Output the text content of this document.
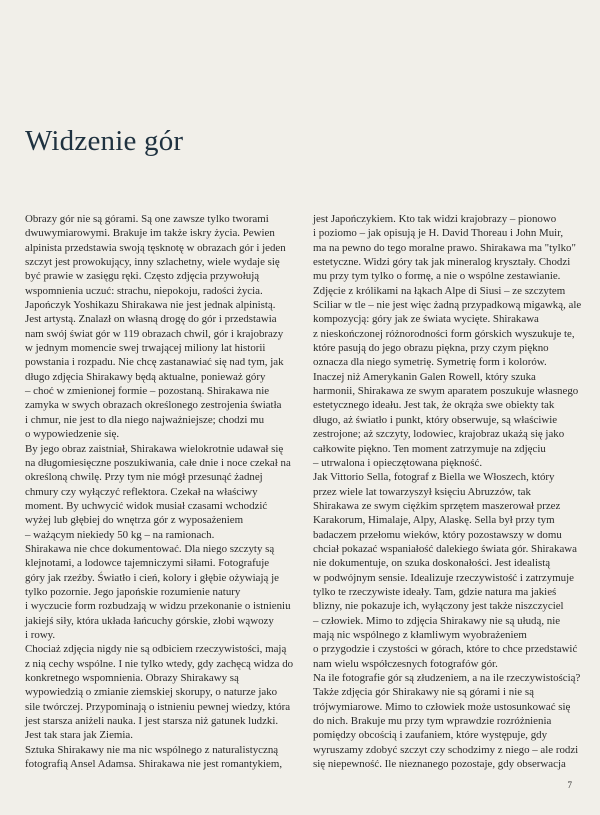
Widzenie gór
Obrazy gór nie są górami. Są one zawsze tylko tworami
dwuwymiarowymi. Brakuje im także iskry życia. Pewien
alpinista przedstawia swoją tęsknotę w obrazach gór i jeden
szczyt jest prowokujący, inny szlachetny, wiele wydaje się
być prawie w zasięgu ręki. Często zdjęcia przywołują
wspomnienia uczuć: strachu, niepokoju, radości życia.
Japończyk Yoshikazu Shirakawa nie jest jednak alpinistą.
Jest artystą. Znalazł on własną drogę do gór i przedstawia
nam swój świat gór w 119 obrazach chwil, gór i krajobrazy
w jednym momencie swej trwającej miliony lat historii
powstania i rozpadu. Nie chcę zastanawiać się nad tym, jak
długo zdjęcia Shirakawy będą aktualne, ponieważ góry
– choć w zmienionej formie – pozostaną. Shirakawa nie
zamyka w swych obrazach określonego zestrojenia światła
i chmur, nie jest to dla niego najważniejsze; chodzi mu
o wypowiedzenie się.
By jego obraz zaistniał, Shirakawa wielokrotnie udawał się
na długomiesięczne poszukiwania, całe dnie i noce czekał na
określoną chwilę. Przy tym nie mógł przesunąć żadnej
chmury czy wyłączyć reflektora. Czekał na właściwy
moment. By uchwycić widok musiał czasami wchodzić
wyżej lub głębiej do wnętrza gór z wyposażeniem
– ważącym niekiedy 50 kg – na ramionach.
Shirakawa nie chce dokumentować. Dla niego szczyty są
klejnotami, a lodowce tajemniczymi siłami. Fotografuje
góry jak rzeźby. Światło i cień, kolory i głębie ożywiają je
tylko pozornie. Jego japońskie rozumienie natury
i wyczucie form rozbudzają w widzu przekonanie o istnieniu
jakiejś siły, która układa łańcuchy górskie, złobi wąwozy
i rowy.
Chociaż zdjęcia nigdy nie są odbiciem rzeczywistości, mają
z nią cechy wspólne. I nie tylko wtedy, gdy zachęcą widza do
konkretnego wspomnienia. Obrazy Shirakawy są
wypowiedzią o zmianie ziemskiej skorupy, o naturze jako
sile twórczej. Przypominają o istnieniu pewnej wiedzy, która
jest starsza aniżeli nauka. I jest starsza niż gatunek ludzki.
Jest tak stara jak Ziemia.
Sztuka Shirakawy nie ma nic wspólnego z naturalistyczną
fotografią Ansel Adamsa. Shirakawa nie jest romantykiem,
jest Japończykiem. Kto tak widzi krajobrazy – pionowo
i poziomo – jak opisują je H. David Thoreau i John Muir,
ma na pewno do tego moralne prawo. Shirakawa ma "tylko"
estetyczne. Widzi góry tak jak mineralog kryształy. Chodzi
mu przy tym tylko o formę, a nie o wspólne zestawianie.
Zdjęcie z królikami na łąkach Alpe di Siusi – ze szczytem
Sciliar w tle – nie jest więc żadną przypadkową migawką, ale
kompozycją: góry jak ze świata wycięte. Shirakawa
z nieskończonej różnorodności form górskich wyszukuje te,
które pasują do jego obrazu piękna, przy czym piękno
oznacza dla niego symetrię. Symetrię form i kolorów.
Inaczej niż Amerykanin Galen Rowell, który szuka
harmonii, Shirakawa ze swym aparatem poszukuje własnego
estetycznego ideału. Jest tak, że okrąża swe obiekty tak
długo, aż światło i punkt, który obserwuje, są właściwie
zestrojone; aż szczyty, lodowiec, krajobraz ukażą się jako
całkowite piękno. Ten moment zatrzymuje na zdjęciu
– utrwalona i opieczętowana piękność.
Jak Vittorio Sella, fotograf z Biella we Włoszech, który
przez wiele lat towarzyszył księciu Abruzzów, tak
Shirakawa ze swym ciężkim sprzętem maszerował przez
Karakorum, Himalaje, Alpy, Alaskę. Sella był przy tym
badaczem przełomu wieków, który pozostawszy w domu
chciał pokazać wspaniałość dalekiego świata gór. Shirakawa
nie dokumentuje, on szuka doskonałości. Jest idealistą
w podwójnym sensie. Idealizuje rzeczywistość i zatrzymuje
tylko te rzeczywiste ideały. Tam, gdzie natura ma jakieś
blizny, nie pokazuje ich, wyłączony jest także niszczyciel
– człowiek. Mimo to zdjęcia Shirakawy nie są ułudą, nie
mają nic wspólnego z kłamliwym wyobrażeniem
o przygodzie i czystości w górach, które to chce przedstawić
nam wielu współczesnych fotografów gór.
Na ile fotografie gór są złudzeniem, a na ile rzeczywistością?
Także zdjęcia gór Shirakawy nie są górami i nie są
trójwymiarowe. Mimo to człowiek może ustosunkować się
do nich. Brakuje mu przy tym wprawdzie rozróżnienia
pomiędzy obcością i zaufaniem, które występuje, gdy
wyruszamy zdobyć szczyt czy schodzimy z niego – ale rodzi
się niepewność. Ile nieznanego pozostaje, gdy obserwacja
7
